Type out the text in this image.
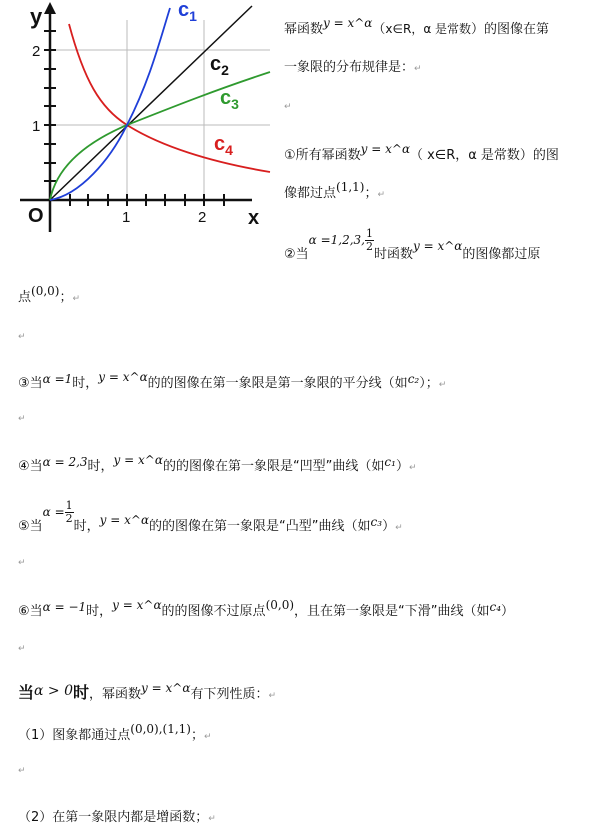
y
x
O
1
2
1	2
$c_1$
$c_2$
$c_3$
$c_4$
幂函数y = x^α（x∈R，α 是常数）的图像在第
一象限的分布规律是：↵
↵
①所有幂函数y = x^α（ x∈R，α 是常数）的图
像都过点(1,1)；↵
②当α =1,2,3, $\frac{1}{2}$
时函数y = x^α的图像都过原
点(0,0)；↵
↵
③当α =1时，y = x^α的的图像在第一象限是第一象限的平分线（如c₂）；↵
↵
④当α = 2,3时，y = x^α的的图像在第一象限是“凹型”曲线（如c₁）↵
⑤当$\alpha = \frac{1}{2}$
时，y = x^α的的图像在第一象限是“凸型”曲线（如$c_3)_↵$
↵
⑥当α = −1时，y = x^α的的图像不过原点(0,0)，且在第一象限是“下滑”曲线（如c₄）
↵
当α > 0时，幂函数y = x^α有下列性质：↵
（1）图象都通过点(0,0),(1,1)；↵
↵
（2）在第一象限内都是增函数；↵
